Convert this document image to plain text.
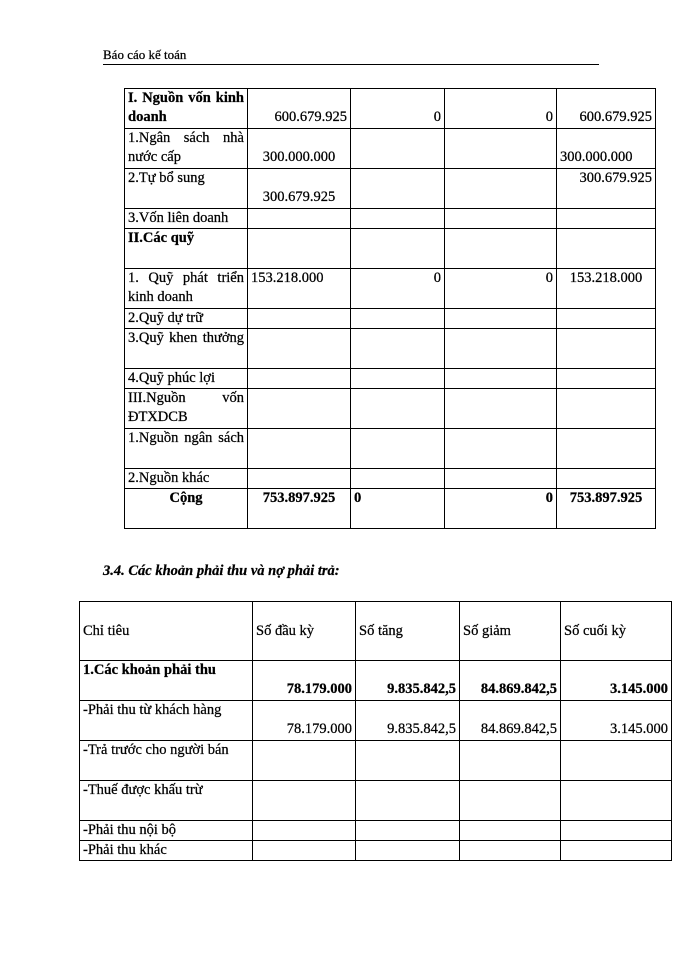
Báo cáo kế toán
I. Nguồn vốn kinh doanh	600.679.925	0	0	600.679.925
1.Ngân sách nhà nước cấp	300.000.000			300.000.000
2.Tự bổ sung	300.679.925			300.679.925
3.Vốn liên doanh				
II.Các quỹ				
1. Quỹ phát triển kinh doanh	153.218.000	0	0	153.218.000
2.Quỹ dự trữ				
3.Quỹ khen thưởng				
4.Quỹ phúc lợi				
III.Nguồn vốn ĐTXDCB				
1.Nguồn ngân sách				
2.Nguồn khác				
Cộng	753.897.925	0	0	753.897.925
3.4. Các khoản phải thu và nợ phải trả:
Chỉ tiêu	Số đầu kỳ	Số tăng	Số giảm	Số cuối kỳ
1.Các khoản phải thu	78.179.000	9.835.842,5	84.869.842,5	3.145.000
-Phải thu từ khách hàng	78.179.000	9.835.842,5	84.869.842,5	3.145.000
-Trả trước cho người bán				
-Thuế được khấu trừ				
-Phải thu nội bộ				
-Phải thu khác				
